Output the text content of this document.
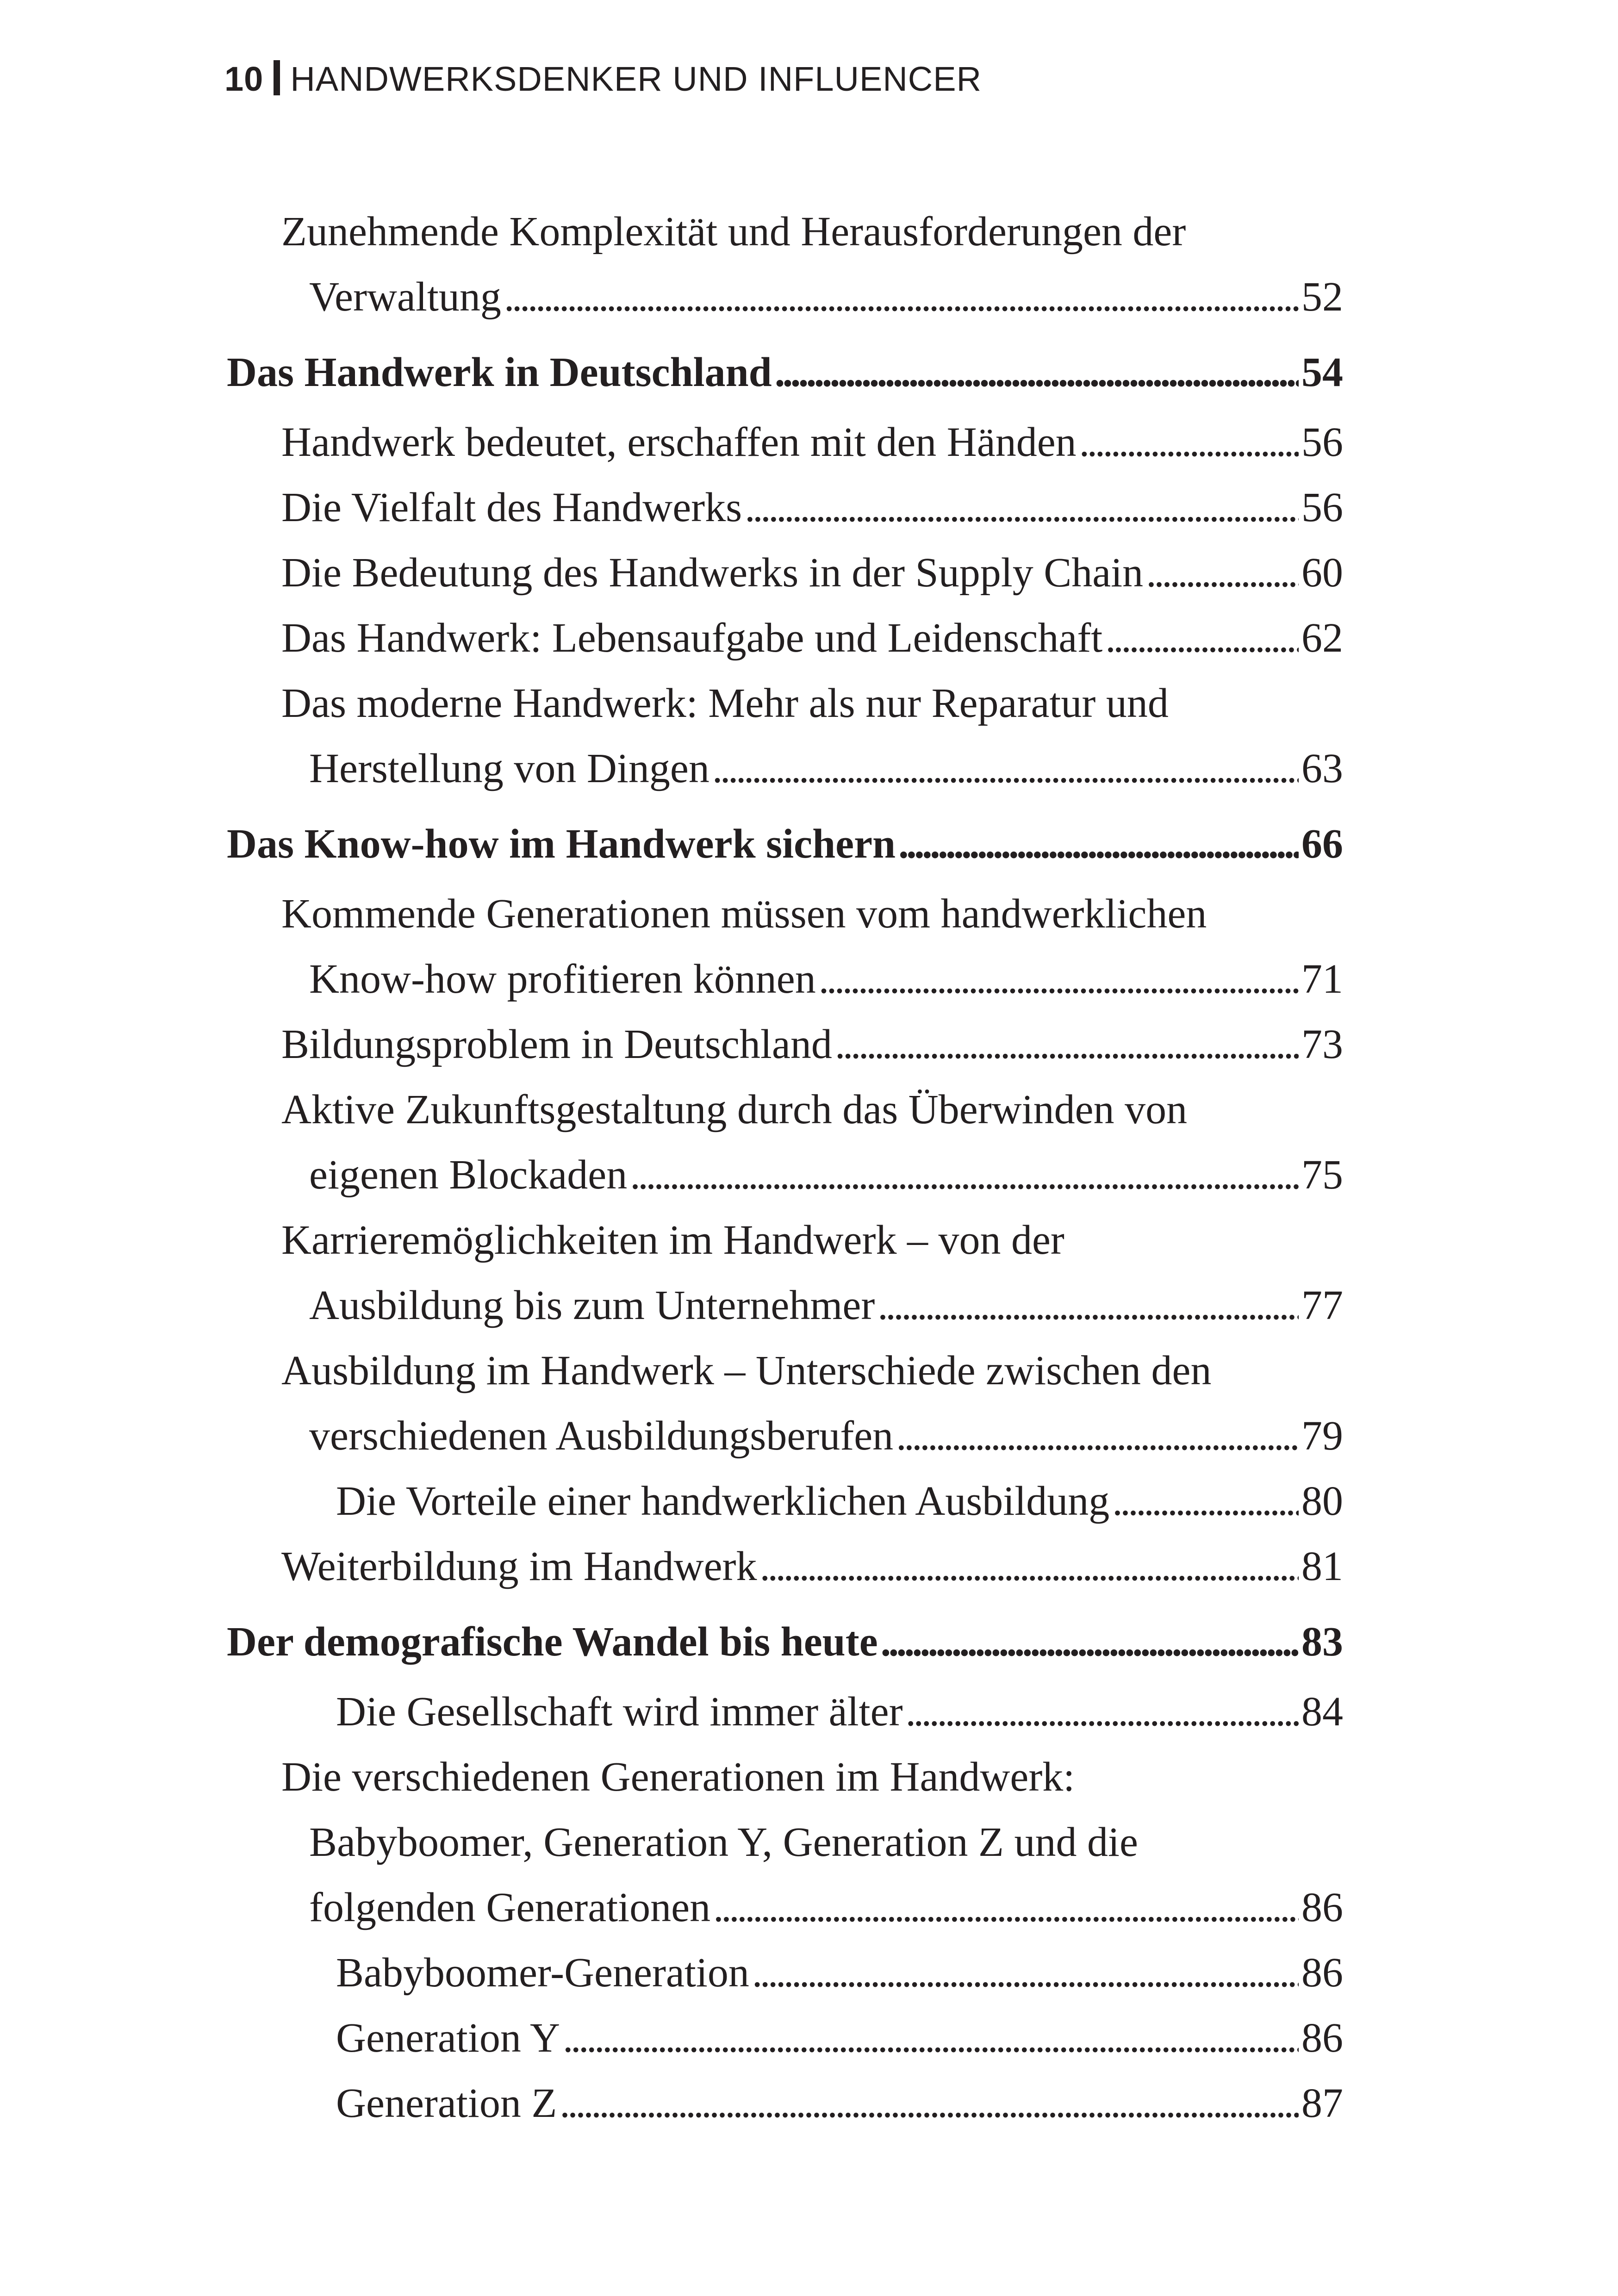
10 HANDWERKSDENKER UND INFLUENCER
Zunehmende Komplexität und Herausforderungen der
Verwaltung . . .	52
Das Handwerk in Deutschland . . .	54
Handwerk bedeutet, erschaffen mit den Händen . . .	56
Die Vielfalt des Handwerks . . .	56
Die Bedeutung des Handwerks in der Supply Chain . . .	60
Das Handwerk: Lebensaufgabe und Leidenschaft . . .	62
Das moderne Handwerk: Mehr als nur Reparatur und
Herstellung von Dingen . . .	63
Das Know-how im Handwerk sichern . . .	66
Kommende Generationen müssen vom handwerklichen
Know-how profitieren können . . .	71
Bildungsproblem in Deutschland . . .	73
Aktive Zukunftsgestaltung durch das Überwinden von
eigenen Blockaden . . .	75
Karrieremöglichkeiten im Handwerk – von der
Ausbildung bis zum Unternehmer . . .	77
Ausbildung im Handwerk – Unterschiede zwischen den
verschiedenen Ausbildungsberufen . . .	79
Die Vorteile einer handwerklichen Ausbildung . . .	80
Weiterbildung im Handwerk . . .	81
Der demografische Wandel bis heute . . .	83
Die Gesellschaft wird immer älter . . .	84
Die verschiedenen Generationen im Handwerk:
Babyboomer, Generation Y, Generation Z und die
folgenden Generationen . . .	86
Babyboomer-Generation . . .	86
Generation Y . . .	86
Generation Z . . .	87
